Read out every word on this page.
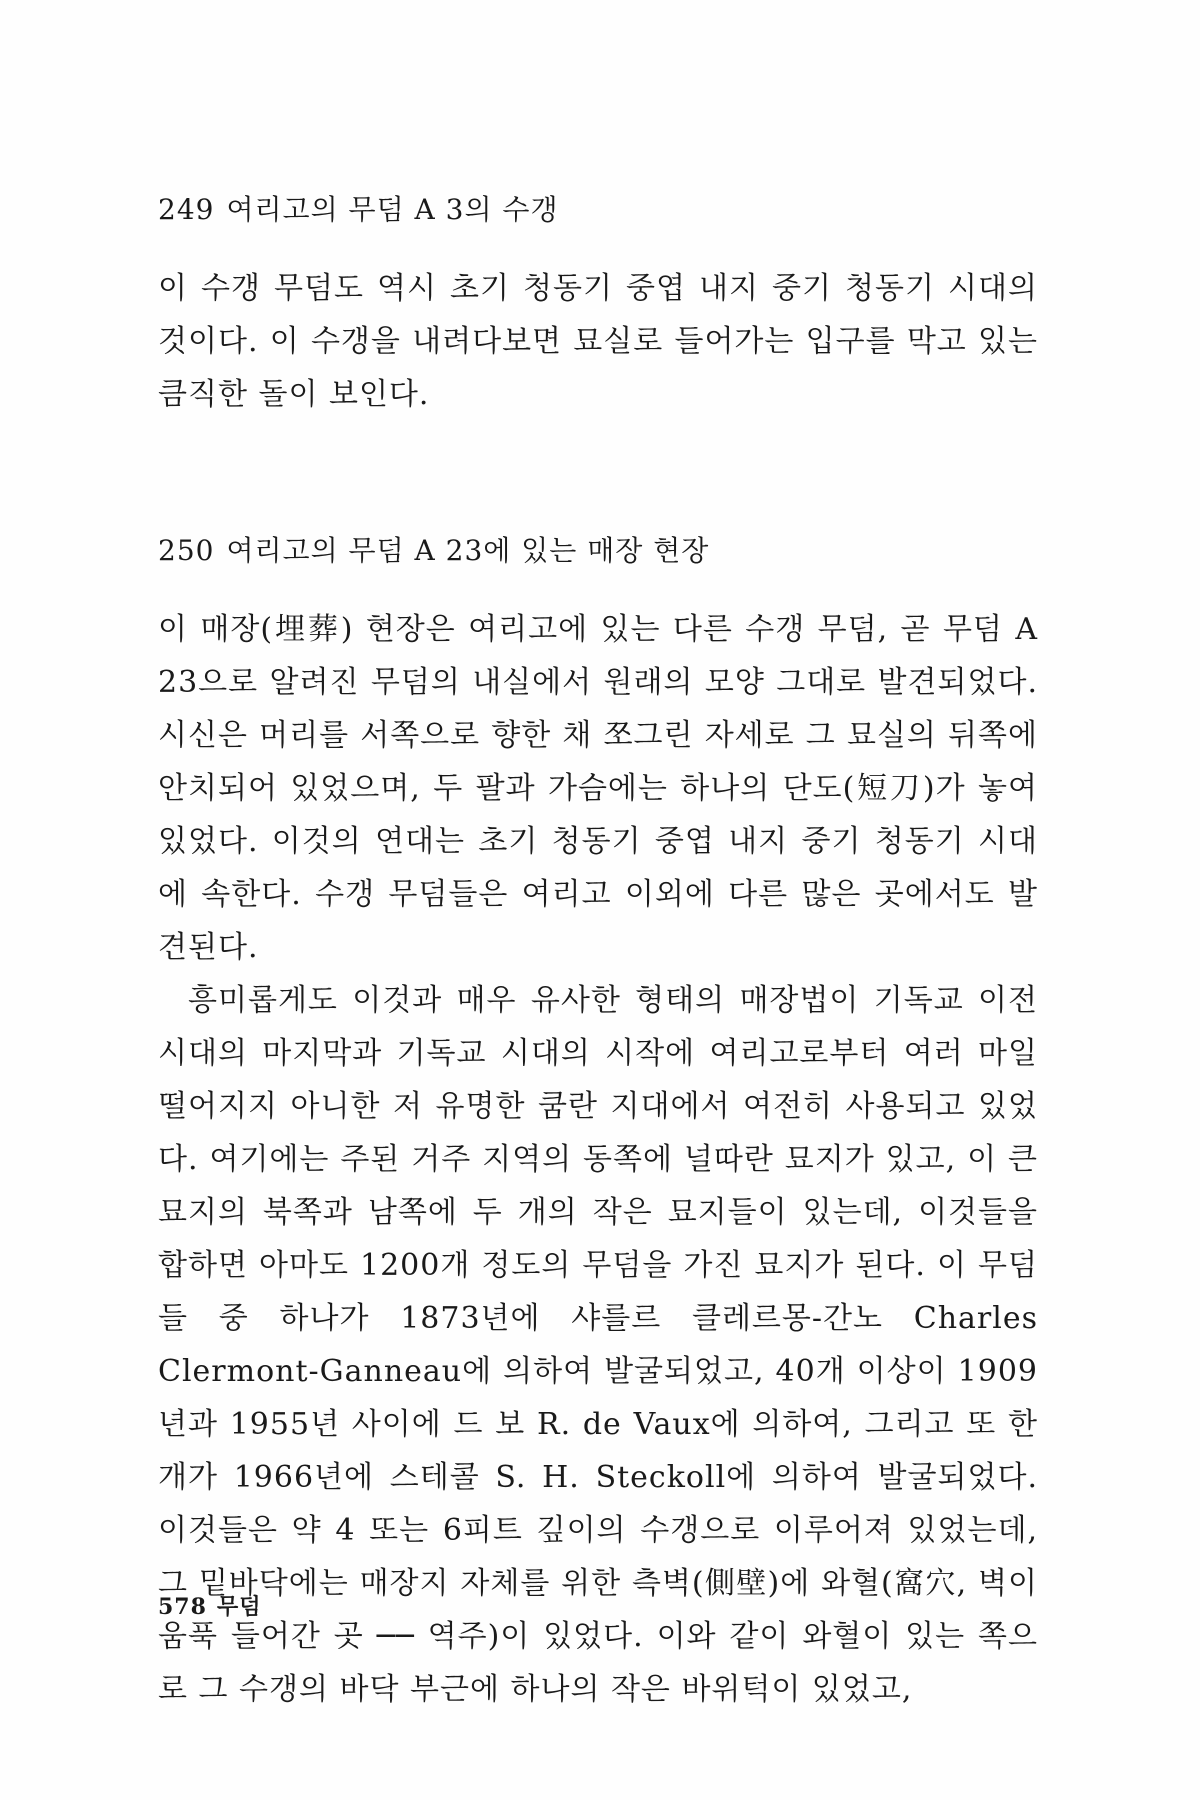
249 여리고의 무덤 A 3의 수갱

이 수갱 무덤도 역시 초기 청동기 중엽 내지 중기 청동기 시대의 것이다. 이 수갱을 내려다보면 묘실로 들어가는 입구를 막고 있는 큼직한 돌이 보인다.

250 여리고의 무덤 A 23에 있는 매장 현장

이 매장(埋葬) 현장은 여리고에 있는 다른 수갱 무덤, 곧 무덤 A 23으로 알려진 무덤의 내실에서 원래의 모양 그대로 발견되었다. 시신은 머리를 서쪽으로 향한 채 쪼그린 자세로 그 묘실의 뒤쪽에 안치되어 있었으며, 두 팔과 가슴에는 하나의 단도(短刀)가 놓여 있었다. 이것의 연대는 초기 청동기 중엽 내지 중기 청동기 시대에 속한다. 수갱 무덤들은 여리고 이외에 다른 많은 곳에서도 발견된다.

흥미롭게도 이것과 매우 유사한 형태의 매장법이 기독교 이전 시대의 마지막과 기독교 시대의 시작에 여리고로부터 여러 마일 떨어지지 아니한 저 유명한 쿰란 지대에서 여전히 사용되고 있었다. 여기에는 주된 거주 지역의 동쪽에 널따란 묘지가 있고, 이 큰 묘지의 북쪽과 남쪽에 두 개의 작은 묘지들이 있는데, 이것들을 합하면 아마도 1200개 정도의 무덤을 가진 묘지가 된다. 이 무덤들 중 하나가 1873년에 샤를르 클레르몽-간노 Charles Clermont-Ganneau에 의하여 발굴되었고, 40개 이상이 1909년과 1955년 사이에 드 보 R. de Vaux에 의하여, 그리고 또 한 개가 1966년에 스테콜 S. H. Steckoll에 의하여 발굴되었다. 이것들은 약 4 또는 6피트 깊이의 수갱으로 이루어져 있었는데, 그 밑바닥에는 매장지 자체를 위한 측벽(側壁)에 와혈(窩穴, 벽이 움푹 들어간 곳 ── 역주)이 있었다. 이와 같이 와혈이 있는 쪽으로 그 수갱의 바닥 부근에 하나의 작은 바위턱이 있었고,

578 무덤
